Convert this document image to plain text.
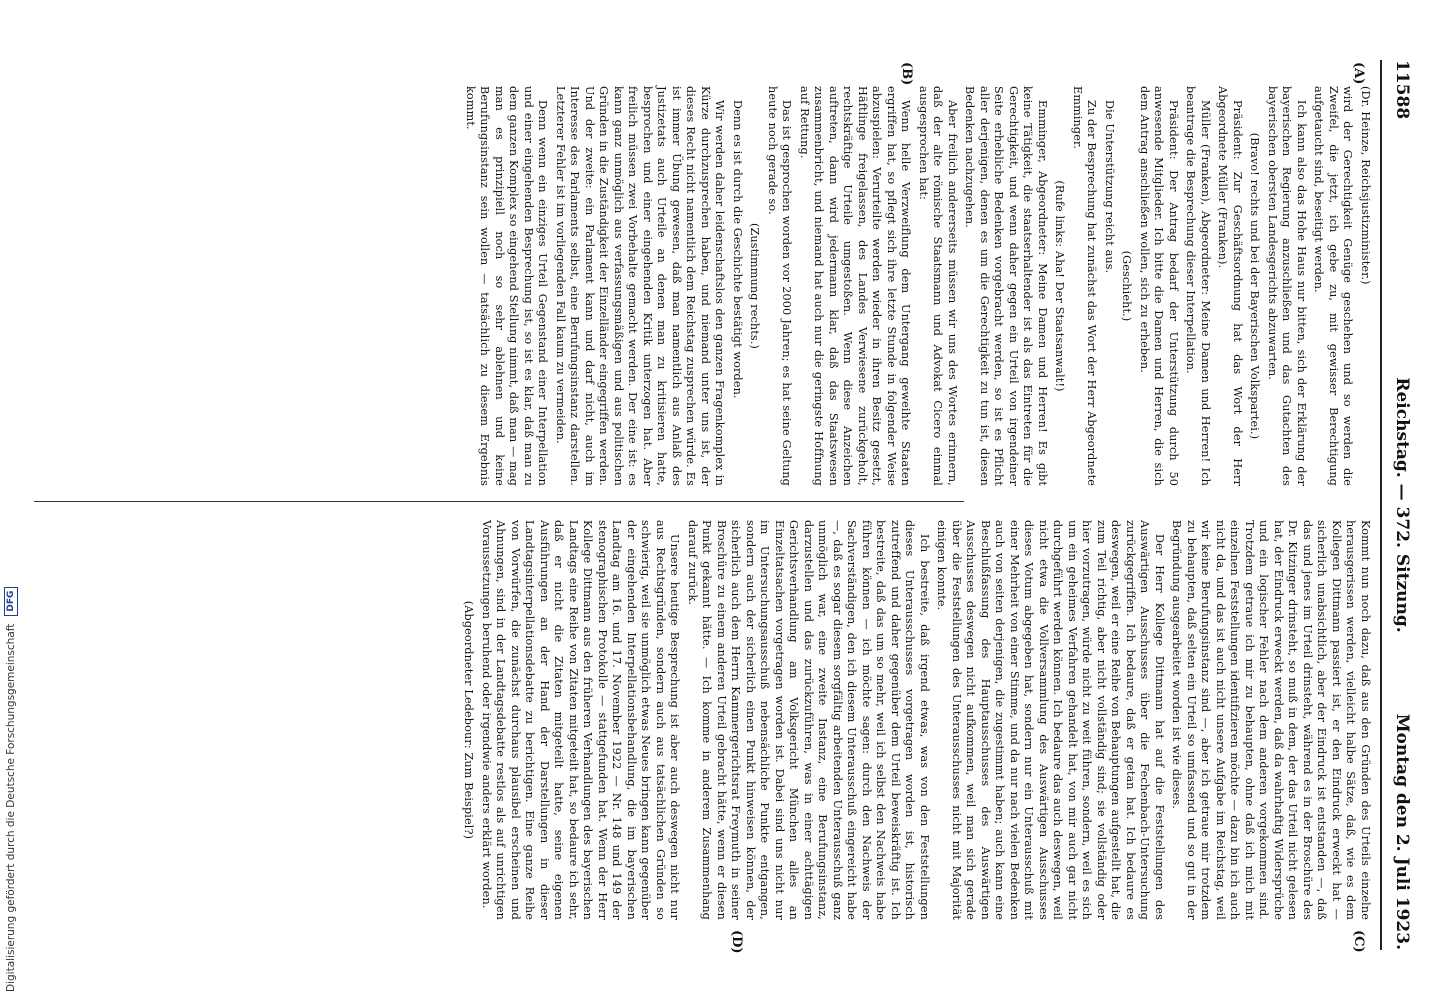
11588
Reichstag. — 372. Sitzung.
Montag den 2. Juli 1923.
(A)
(B)
(C)
(D)

(Dr. Heinze, Reichsjustizminister.)

wird der Gerechtigkeit Genüge geschehen und so werden die Zweifel, die jetzt, ich gebe zu, mit gewisser Berechtigung aufgetaucht sind, beseitigt werden.

Ich kann also das Hohe Haus nur bitten, sich der Erklärung der bayerischen Regierung anzuschließen und das Gutachten des bayerischen obersten Landesgerichts abzuwarten.

(Bravo! rechts und bei der Bayerischen Volkspartei.)

Präsident: Zur Geschäftsordnung hat das Wort der Herr Abgeordnete Müller (Franken).

Müller (Franken), Abgeordneter: Meine Damen und Herren! Ich beantrage die Besprechung dieser Interpellation.

Präsident: Der Antrag bedarf der Unterstützung durch 50 anwesende Mitglieder. Ich bitte die Damen und Herren, die sich dem Antrag anschließen wollen, sich zu erheben.

(Geschieht.)

Die Unterstützung reicht aus.

Zu der Besprechung hat zunächst das Wort der Herr Abgeordnete Emminger.

(Rufe links: Aha! Der Staatsanwalt!)

Emminger, Abgeordneter: Meine Damen und Herren! Es gibt keine Tätigkeit, die staatserhaltender ist als das Eintreten für die Gerechtigkeit, und wenn daher gegen ein Urteil von irgendeiner Seite erhebliche Bedenken vorgebracht werden, so ist es Pflicht aller derjenigen, denen es um die Gerechtigkeit zu tun ist, diesen Bedenken nachzugehen.

Aber freilich andererseits müssen wir uns des Wortes erinnern, daß der alte römische Staatsmann und Advokat Cicero einmal ausgesprochen hat:

Wenn helle Verzweiflung dem Untergang geweihte Staaten ergriffen hat, so pflegt sich ihre letzte Stunde in folgender Weise abzuspielen: Verurteilte werden wieder in ihren Besitz gesetzt, Häftlinge freigelassen, des Landes Verwiesene zurückgeholt, rechtskräftige Urteile umgestoßen. Wenn diese Anzeichen auftreten, dann wird jedermann klar, daß das Staatswesen zusammenbricht, und niemand hat auch nur die geringste Hoffnung auf Rettung.

Das ist gesprochen worden vor 2000 Jahren; es hat seine Geltung heute noch gerade so.

(Zustimmung rechts.)

Denn es ist durch die Geschichte bestätigt worden.

Wir werden daher leidenschaftslos den ganzen Fragenkomplex in Kürze durchzusprechen haben, und niemand unter uns ist, der dieses Recht nicht namentlich dem Reichstag zusprechen würde. Es ist immer Übung gewesen, daß man namentlich aus Anlaß des Justizetats auch Urteile an denen man zu kritisieren hatte, besprochen und einer eingehenden Kritik unterzogen hat. Aber freilich müssen zwei Vorbehalte gemacht werden. Der eine ist: es kann ganz unmöglich aus verfassungsmäßigen und aus politischen Gründen in die Zuständigkeit der Einzelländer eingegriffen werden. Und der zweite: ein Parlament kann und darf nicht, auch im Interesse des Parlaments selbst, eine Berufungsinstanz darstellen. Letzterer Fehler ist im vorliegenden Fall kaum zu vermeiden.

Denn wenn ein einziges Urteil Gegenstand einer Interpellation und einer eingehenden Besprechung ist, so ist es klar, daß man zu dem ganzen Komplex so eingehend Stellung nimmt, daß man — mag man es prinzipiell noch so sehr ablehnen und keine Berufungsinstanz sein wollen — tatsächlich zu diesem Ergebnis kommt.

Kommt nun noch dazu, daß aus den Gründen des Urteils einzelne herausgerissen werden, vielleicht halbe Sätze, daß, wie es dem Kollegen Dittmann passiert ist, er den Eindruck erweckt hat — sicherlich unabsichtlich, aber der Eindruck ist entstanden —, daß das und jenes im Urteil drinsteht, während es in der Broschüre des Dr. Kitzinger drinsteht, so muß in dem, der das Urteil nicht gelesen hat, der Eindruck erweckt werden, daß da wahrhaftig Widersprüche und ein logischer Fehler nach dem anderen vorgekommen sind. Trotzdem getraue ich mir zu behaupten, ohne daß ich mich mit einzelnen Feststellungen identifizieren möchte — dazu bin ich auch nicht da, und das ist auch nicht unsere Aufgabe im Reichstag, weil wir keine Berufungsinstanz sind —, aber ich getraue mir trotzdem zu behaupten, daß selten ein Urteil so umfassend und so gut in der Begründung ausgearbeitet worden ist wie dieses.

Der Herr Kollege Dittmann hat auf die Feststellungen des Auswärtigen Ausschusses über die Fechenbach-Untersuchung zurückgegriffen. Ich bedaure, daß er getan hat. Ich bedaure es deswegen, weil er eine Reihe von Behauptungen aufgestellt hat, die zum Teil richtig, aber nicht vollständig sind; sie vollständig oder hier vorzutragen, würde nicht zu weit führen, sondern, weil es sich um ein geheimes Verfahren gehandelt hat, von mir auch gar nicht durchgeführt werden können. Ich bedaure das auch deswegen, weil nicht etwa die Vollversammlung des Auswärtigen Ausschusses dieses Votum abgegeben hat, sondern nur ein Unterausschuß mit einer Mehrheit von einer Stimme, und da nur nach vielen Bedenken auch von seiten derjenigen, die zugestimmt haben; auch kann eine Beschlußfassung des Hauptausschusses des Auswärtigen Ausschusses deswegen nicht aufkommen, weil man sich gerade über die Feststellungen des Unterausschusses nicht mit Majorität einigen konnte.

Ich bestreite, daß irgend etwas, was von den Feststellungen dieses Unterausschusses vorgetragen worden ist, historisch zutreffend und daher gegenüber dem Urteil beweiskräftig ist. Ich bestreite, daß das um so mehr, weil ich selbst den Nachweis habe führen können — ich möchte sagen: durch den Nachweis der Sachverständigen, den ich diesem Unterausschuß eingereicht habe —, daß es sogar diesem sorgfältig arbeitenden Unterausschuß ganz unmöglich war, eine zweite Instanz, eine Berufungsinstanz, darzustellen und das zurückzuführen, was in einer achttägigen Gerichtsverhandlung am Volksgericht München alles an Einzeltatsachen vorgetragen worden ist. Dabei sind uns nicht nur im Untersuchungsausschuß nebensächliche Punkte entgangen, sondern auch der sicherlich einen Punkt hinweisen können, der sicherlich auch dem Herrn Kammergerichtsrat Freymuth in seiner Broschüre zu einem anderen Urteil gebracht hätte, wenn er diesen Punkt gekannt hätte. — Ich komme in anderem Zusammenhang darauf zurück.

Unsere heutige Besprechung ist aber auch deswegen nicht nur aus Rechtsgründen, sondern auch aus tatsächlichen Gründen so schwierig, weil sie unmöglich etwas Neues bringen kann gegenüber der eingehenden Interpellationsbehandlung, die im bayerischen Landtag am 16. und 17. November 1922 — Nr. 148 und 149 der stenographischen Protokolle — stattgefunden hat. Wenn der Herr Kollege Dittmann aus den früheren Verhandlungen des bayerischen Landtags eine Reihe von Zitaten mitgeteilt hat, so bedaure ich sehr, daß er nicht die Zitaten mitgeteilt hatte, seine eigenen Ausführungen an der Hand der Darstellungen in dieser Landtagsinterpellationsdebatte zu berichtigen. Eine ganze Reihe von Vorwürfen, die zunächst durchaus plausibel erscheinen und Ahnungen, sind in der Landtagsdebatte restlos als auf unrichtigen Voraussetzungen beruhend oder irgendwie anders erklärt worden.

(Abgeordneter Ledebour: Zum Beispiel?)

Digitalisierung gefördert durch die Deutsche Forschungsgemeinschaft
DFG
